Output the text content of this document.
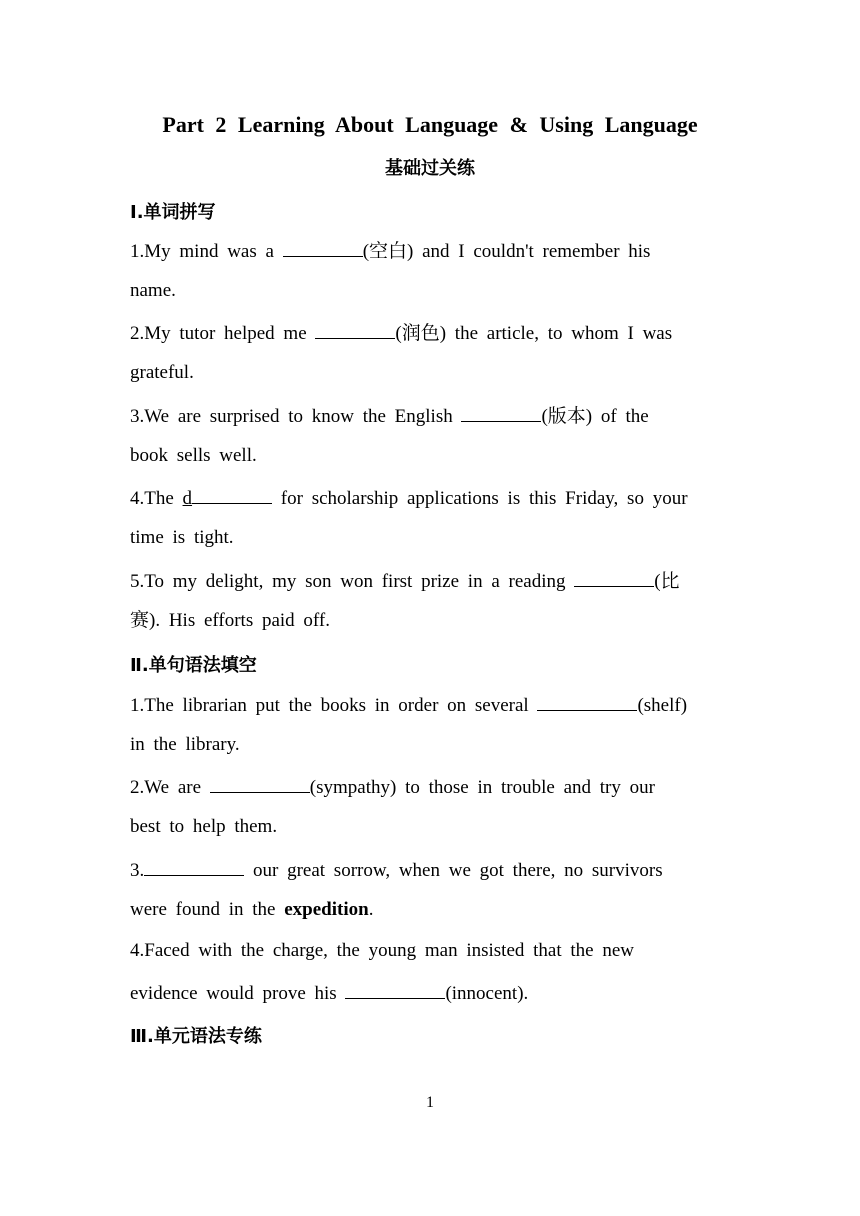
Part 2 Learning About Language & Using Language
基础过关练
Ⅰ.单词拼写
1.My mind was a	(空白) and I couldn't remember his
name.
2.My tutor helped me	(润色) the article, to whom I was
grateful.
3.We are surprised to know the English	(版本) of the
book sells well.
4.The d	for scholarship applications is this Friday, so your
time is tight.
5.To my delight, my son won first prize in a reading	(比
赛). His efforts paid off.
Ⅱ.单句语法填空
1.The librarian put the books in order on several	(shelf)
in the library.
2.We are	(sympathy) to those in trouble and try our
best to help them.
3.	our great sorrow, when we got there, no survivors
were found in the expedition.
4.Faced with the charge, the young man insisted that the new
evidence would prove his	(innocent).
Ⅲ.单元语法专练
1
